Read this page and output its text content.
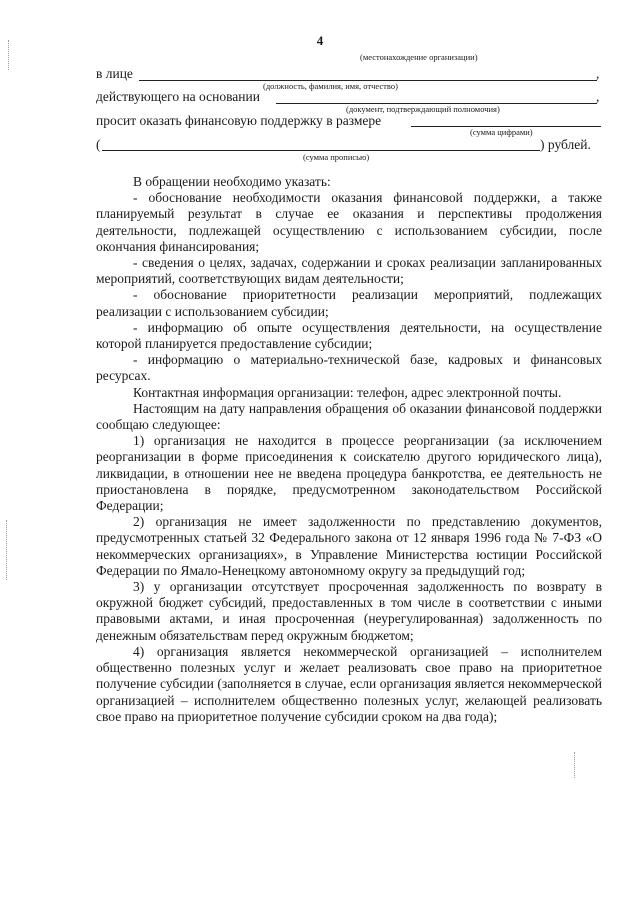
4
(местонахождение организации)
в лице	,
(должность, фамилия, имя, отчество)
действующего на основании	,
(документ, подтверждающий полномочия)
просит оказать финансовую поддержку в размере
(сумма цифрами)
(	) рублей.
(сумма прописью)

В обращении необходимо указать:

- обоснование необходимости оказания финансовой поддержки, а также планируемый результат в случае ее оказания и перспективы продолжения деятельности, подлежащей осуществлению с использованием субсидии, после окончания финансирования;

- сведения о целях, задачах, содержании и сроках реализации запланированных мероприятий, соответствующих видам деятельности;

- обоснование приоритетности реализации мероприятий, подлежащих реализации с использованием субсидии;

- информацию об опыте осуществления деятельности, на осуществление которой планируется предоставление субсидии;

- информацию о материально-технической базе, кадровых и финансовых ресурсах.

Контактная информация организации: телефон, адрес электронной почты.

Настоящим на дату направления обращения об оказании финансовой поддержки сообщаю следующее:

1) организация не находится в процессе реорганизации (за исключением реорганизации в форме присоединения к соискателю другого юридического лица), ликвидации, в отношении нее не введена процедура банкротства, ее деятельность не приостановлена в порядке, предусмотренном законодательством Российской Федерации;

2) организация не имеет задолженности по представлению документов, предусмотренных статьей 32 Федерального закона от 12 января 1996 года № 7-ФЗ «О некоммерческих организациях», в Управление Министерства юстиции Российской Федерации по Ямало-Ненецкому автономному округу за предыдущий год;

3) у организации отсутствует просроченная задолженность по возврату в окружной бюджет субсидий, предоставленных в том числе в соответствии с иными правовыми актами, и иная просроченная (неурегулированная) задолженность по денежным обязательствам перед окружным бюджетом;

4) организация является некоммерческой организацией – исполнителем общественно полезных услуг и желает реализовать свое право на приоритетное получение субсидии (заполняется в случае, если организация является некоммерческой организацией – исполнителем общественно полезных услуг, желающей реализовать свое право на приоритетное получение субсидии сроком на два года);
